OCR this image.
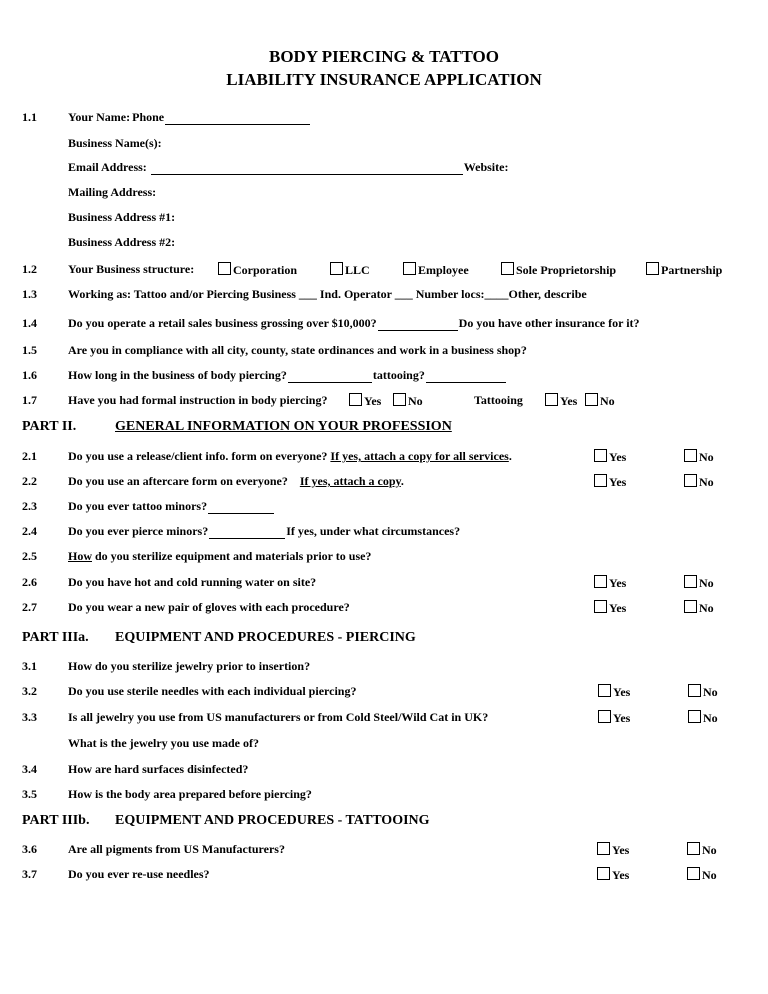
BODY PIERCING & TATTOO
LIABILITY INSURANCE APPLICATION
1.1	Your Name: Phone
Business Name(s):
Email Address:	Website:
Mailing Address:
Business Address #1:
Business Address #2:
1.2	Your Business structure:	Corporation	LLC	Employee	Sole Proprietorship	Partnership
1.3	Working as: Tattoo and/or Piercing Business ___ Ind. Operator ___ Number locs:____Other, describe
1.4	Do you operate a retail sales business grossing over $10,000?	Do you have other insurance for it?
1.5	Are you in compliance with all city, county, state ordinances and work in a business shop?
1.6	How long in the business of body piercing?	tattooing?
1.7	Have you had formal instruction in body piercing?	Yes	No	Tattooing	Yes	No
PART II.	GENERAL INFORMATION ON YOUR PROFESSION
2.1	Do you use a release/client info. form on everyone? If yes, attach a copy for all services.	Yes	No
2.2	Do you use an aftercare form on everyone? If yes, attach a copy.	Yes	No
2.3	Do you ever tattoo minors?
2.4	Do you ever pierce minors?	If yes, under what circumstances?
2.5	How do you sterilize equipment and materials prior to use?
2.6	Do you have hot and cold running water on site?	Yes	No
2.7	Do you wear a new pair of gloves with each procedure?	Yes	No
PART IIIa. EQUIPMENT AND PROCEDURES - PIERCING
3.1	How do you sterilize jewelry prior to insertion?
3.2	Do you use sterile needles with each individual piercing?	Yes	No
3.3	Is all jewelry you use from US manufacturers or from Cold Steel/Wild Cat in UK?	Yes	No
What is the jewelry you use made of?
3.4	How are hard surfaces disinfected?
3.5	How is the body area prepared before piercing?
PART IIIb. EQUIPMENT AND PROCEDURES - TATTOOING
3.6	Are all pigments from US Manufacturers?	Yes	No
3.7	Do you ever re-use needles?	Yes	No
